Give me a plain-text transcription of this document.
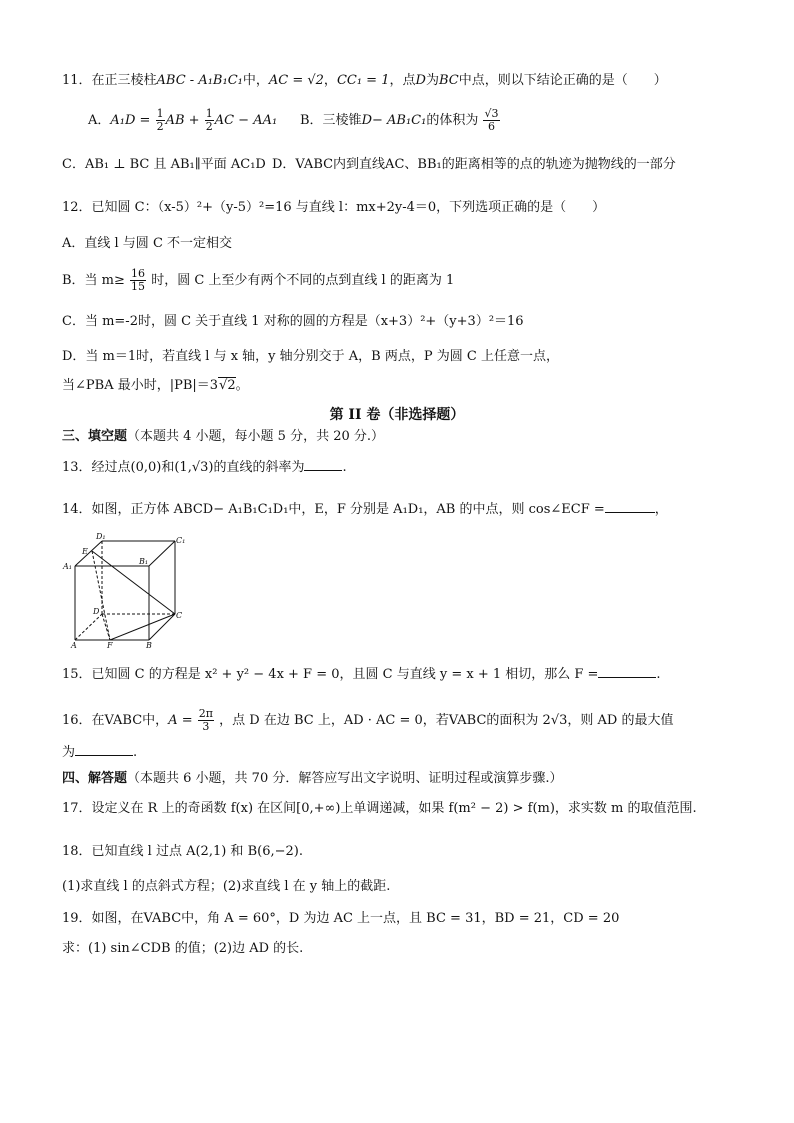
11．在正三棱柱ABC - A₁B₁C₁中，AC = √2，CC₁ = 1，点D为BC中点，则以下结论正确的是（　　）
A．$A_1D = \frac{1}{2}$ AB + $\frac{1}{2}$ AC − AA₁ B．三棱锥D− AB₁C₁的体积为 $\frac{√3}{6}$
C．AB₁ ⊥ BC 且 AB₁∥平面 AC₁D D．VABC内到直线AC、BB₁的距离相等的点的轨迹为抛物线的一部分
12．已知圆 C：（x-5）²+（y-5）²=16 与直线 l：mx+2y-4＝0，下列选项正确的是（　　）
A．直线 l 与圆 C 不一定相交
B．当 $m\ge \frac{16}{15}$ 时，圆 C 上至少有两个不同的点到直线 l 的距离为 1
C．当 m=-2时，圆 C 关于直线 1 对称的圆的方程是（x+3）²+（y+3）²＝16
D．当 m＝1时，若直线 l 与 x 轴，y 轴分别交于 A，B 两点，P 为圆 C 上任意一点，
当∠PBA 最小时，|PB|＝3√2。
第 II 卷（非选择题）
三、填空题（本题共 4 小题，每小题 5 分，共 20 分.）
13．经过点(0,0)和(1,√3)的直线的斜率为	.
14．如图，正方体 ABCD− A₁B₁C₁D₁中，E，F 分别是 A₁D₁，AB 的中点，则 cos∠ECF =	，
D₁	C₁
E
B₁
A₁
D	C
A	F	B
15．已知圆 C 的方程是 x² + y² − 4x + F = 0，且圆 C 与直线 y = x + 1 相切，那么 F =	.
16．在VABC中，$A = \frac{2\pi}{3}$ ，点 D 在边 BC 上，AD · AC = 0，若VABC的面积为 2√3，则 AD 的最大值
为	.
四、解答题（本题共 6 小题，共 70 分．解答应写出文字说明、证明过程或演算步骤.）
17．设定义在 R 上的奇函数 f(x) 在区间[0,+∞)上单调递减，如果 f(m² − 2) > f(m)，求实数 m 的取值范围.
18．已知直线 l 过点 A(2,1) 和 B(6,−2).
(1)求直线 l 的点斜式方程；(2)求直线 l 在 y 轴上的截距.
19．如图，在VABC中，角 A = 60°，D 为边 AC 上一点，且 BC = 31，BD = 21，CD = 20
求：(1) sin∠CDB 的值；(2)边 AD 的长.
